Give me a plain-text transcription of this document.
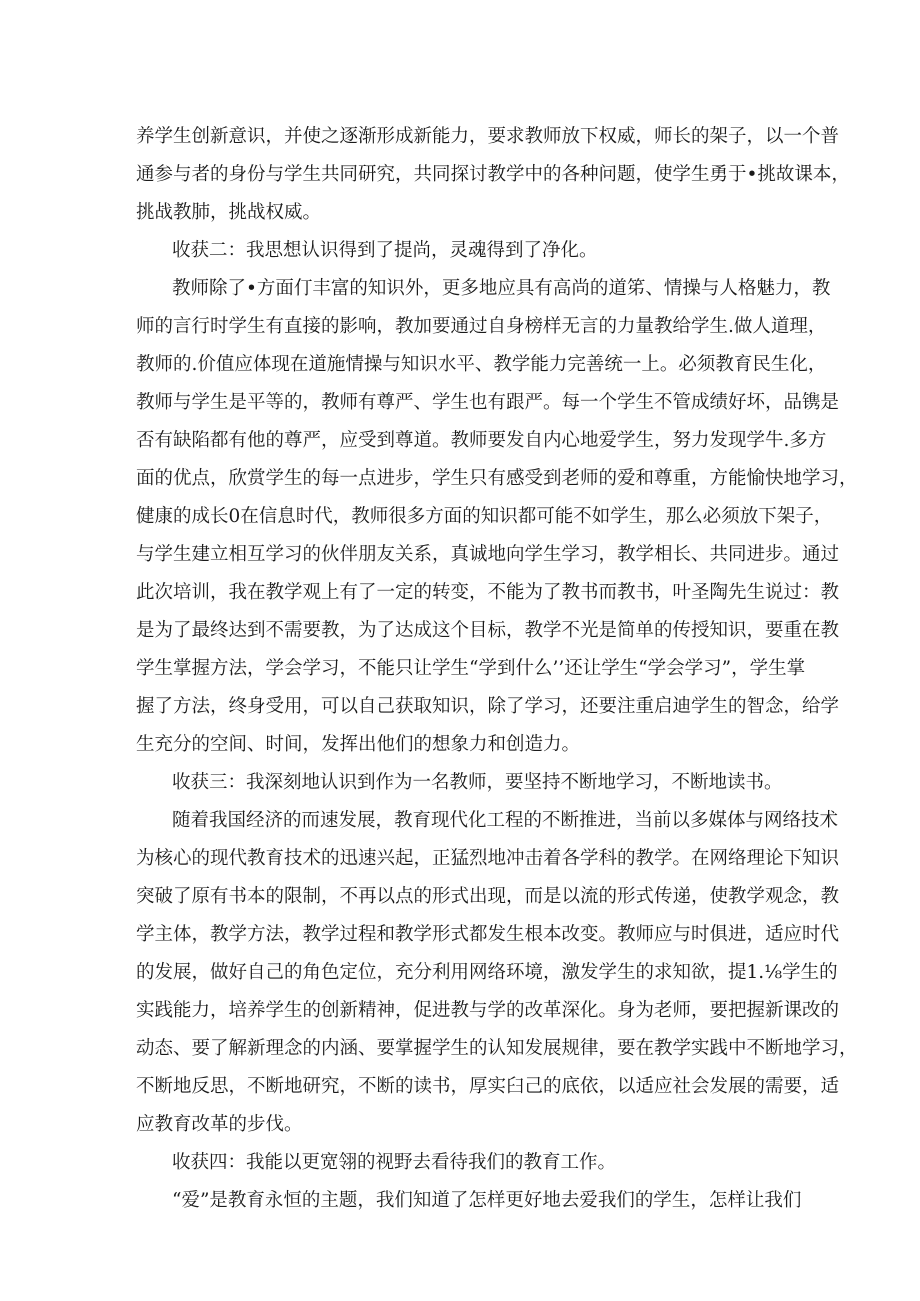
养学生创新意识，并使之逐渐形成新能力，要求教师放下权威，师长的架子，以一个普
通参与者的身份与学生共同研究，共同探讨教学中的各种问题，使学生勇于•挑故课本，
挑战教肺，挑战权威。
收获二：我思想认识得到了提尚，灵魂得到了净化。
教师除了•方面仃丰富的知识外，更多地应具有高尚的道笫、情操与人格魅力，教
师的言行时学生有直接的影响，教加要通过自身榜样无言的力量教给学生.做人道理，
教师的.价值应体现在道施情操与知识水平、教学能力完善统一上。必须教育民生化，
教师与学生是平等的，教师有尊严、学生也有跟严。每一个学生不管成绩好坏，品镌是
否有缺陷都有他的尊严，应受到尊道。教师要发自内心地爱学生，努力发现学牛.多方
面的优点，欣赏学生的每一点进步，学生只有感受到老师的爱和尊重，方能愉快地学习，
健康的成长0在信息时代，教师很多方面的知识都可能不如学生，那么必须放下架子，
与学生建立相互学习的伙伴朋友关系，真诚地向学生学习，教学相长、共同进步。通过
此次培训，我在教学观上有了一定的转变，不能为了教书而教书，叶圣陶先生说过：教
是为了最终达到不需要教，为了达成这个目标，教学不光是简单的传授知识，要重在教
学生掌握方法，学会学习，不能只让学生“学到什么’’还让学生“学会学习”，学生掌
握了方法，终身受用，可以自己获取知识，除了学习，还要注重启迪学生的智念，给学
生充分的空间、时间，发挥出他们的想象力和创造力。
收获三：我深刻地认识到作为一名教师，要坚持不断地学习，不断地读书。
随着我国经济的而速发展，教育现代化工程的不断推进，当前以多媒体与网络技术
为核心的现代教育技术的迅速兴起，正猛烈地冲击着各学科的教学。在网络理论下知识
突破了原有书本的限制，不再以点的形式出现，而是以流的形式传递，使教学观念，教
学主体，教学方法，教学过程和教学形式都发生根本改变。教师应与时俱进，适应时代
的发展，做好自己的角色定位，充分利用网络环境，激发学生的求知欲，提1.⅛学生的
实践能力，培养学生的创新精神，促进教与学的改革深化。身为老师，要把握新课改的
动态、要了解新理念的内涵、要掌握学生的认知发展规律，要在教学实践中不断地学习，
不断地反思，不断地研究，不断的读书，厚实臼己的底依，以适应社会发展的需要，适
应教育改革的步伐。
收获四：我能以更宽翎的视野去看待我们的教育工作。
“爱”是教育永恒的主题，我们知道了怎样更好地去爱我们的学生，怎样让我们
